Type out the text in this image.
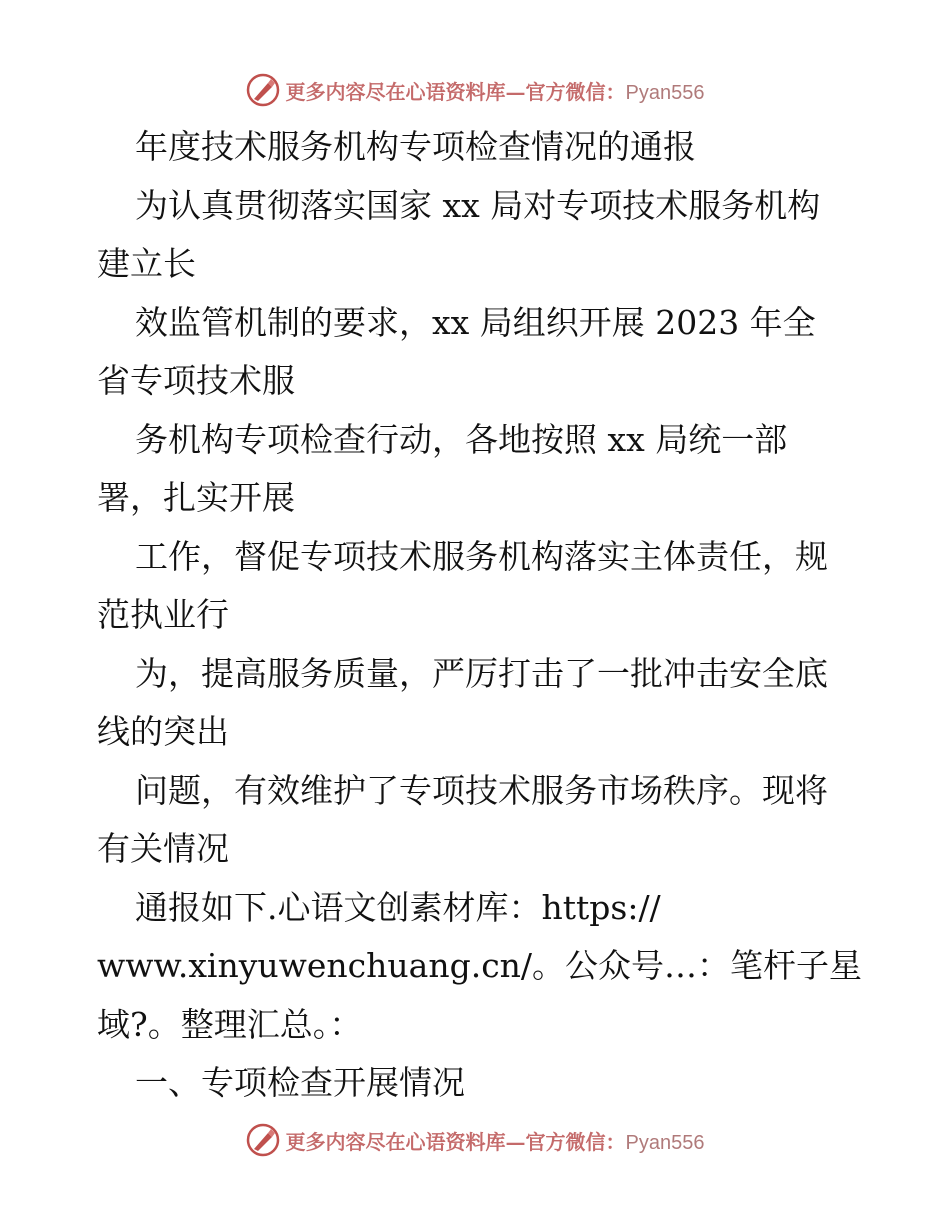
更多内容尽在心语资料库—官方微信：Pyan556
年度技术服务机构专项检查情况的通报
为认真贯彻落实国家 xx 局对专项技术服务机构
建立长
效监管机制的要求，xx 局组织开展 2023 年全
省专项技术服
务机构专项检查行动，各地按照 xx 局统一部
署，扎实开展
工作，督促专项技术服务机构落实主体责任，规
范执业行
为，提高服务质量，严厉打击了一批冲击安全底
线的突出
问题，有效维护了专项技术服务市场秩序。现将
有关情况
通报如下.心语文创素材库：https://
www.xinyuwenchuang.cn/。公众号…：笔杆子星
域?。整理汇总。：
一、专项检查开展情况
更多内容尽在心语资料库—官方微信：Pyan556
